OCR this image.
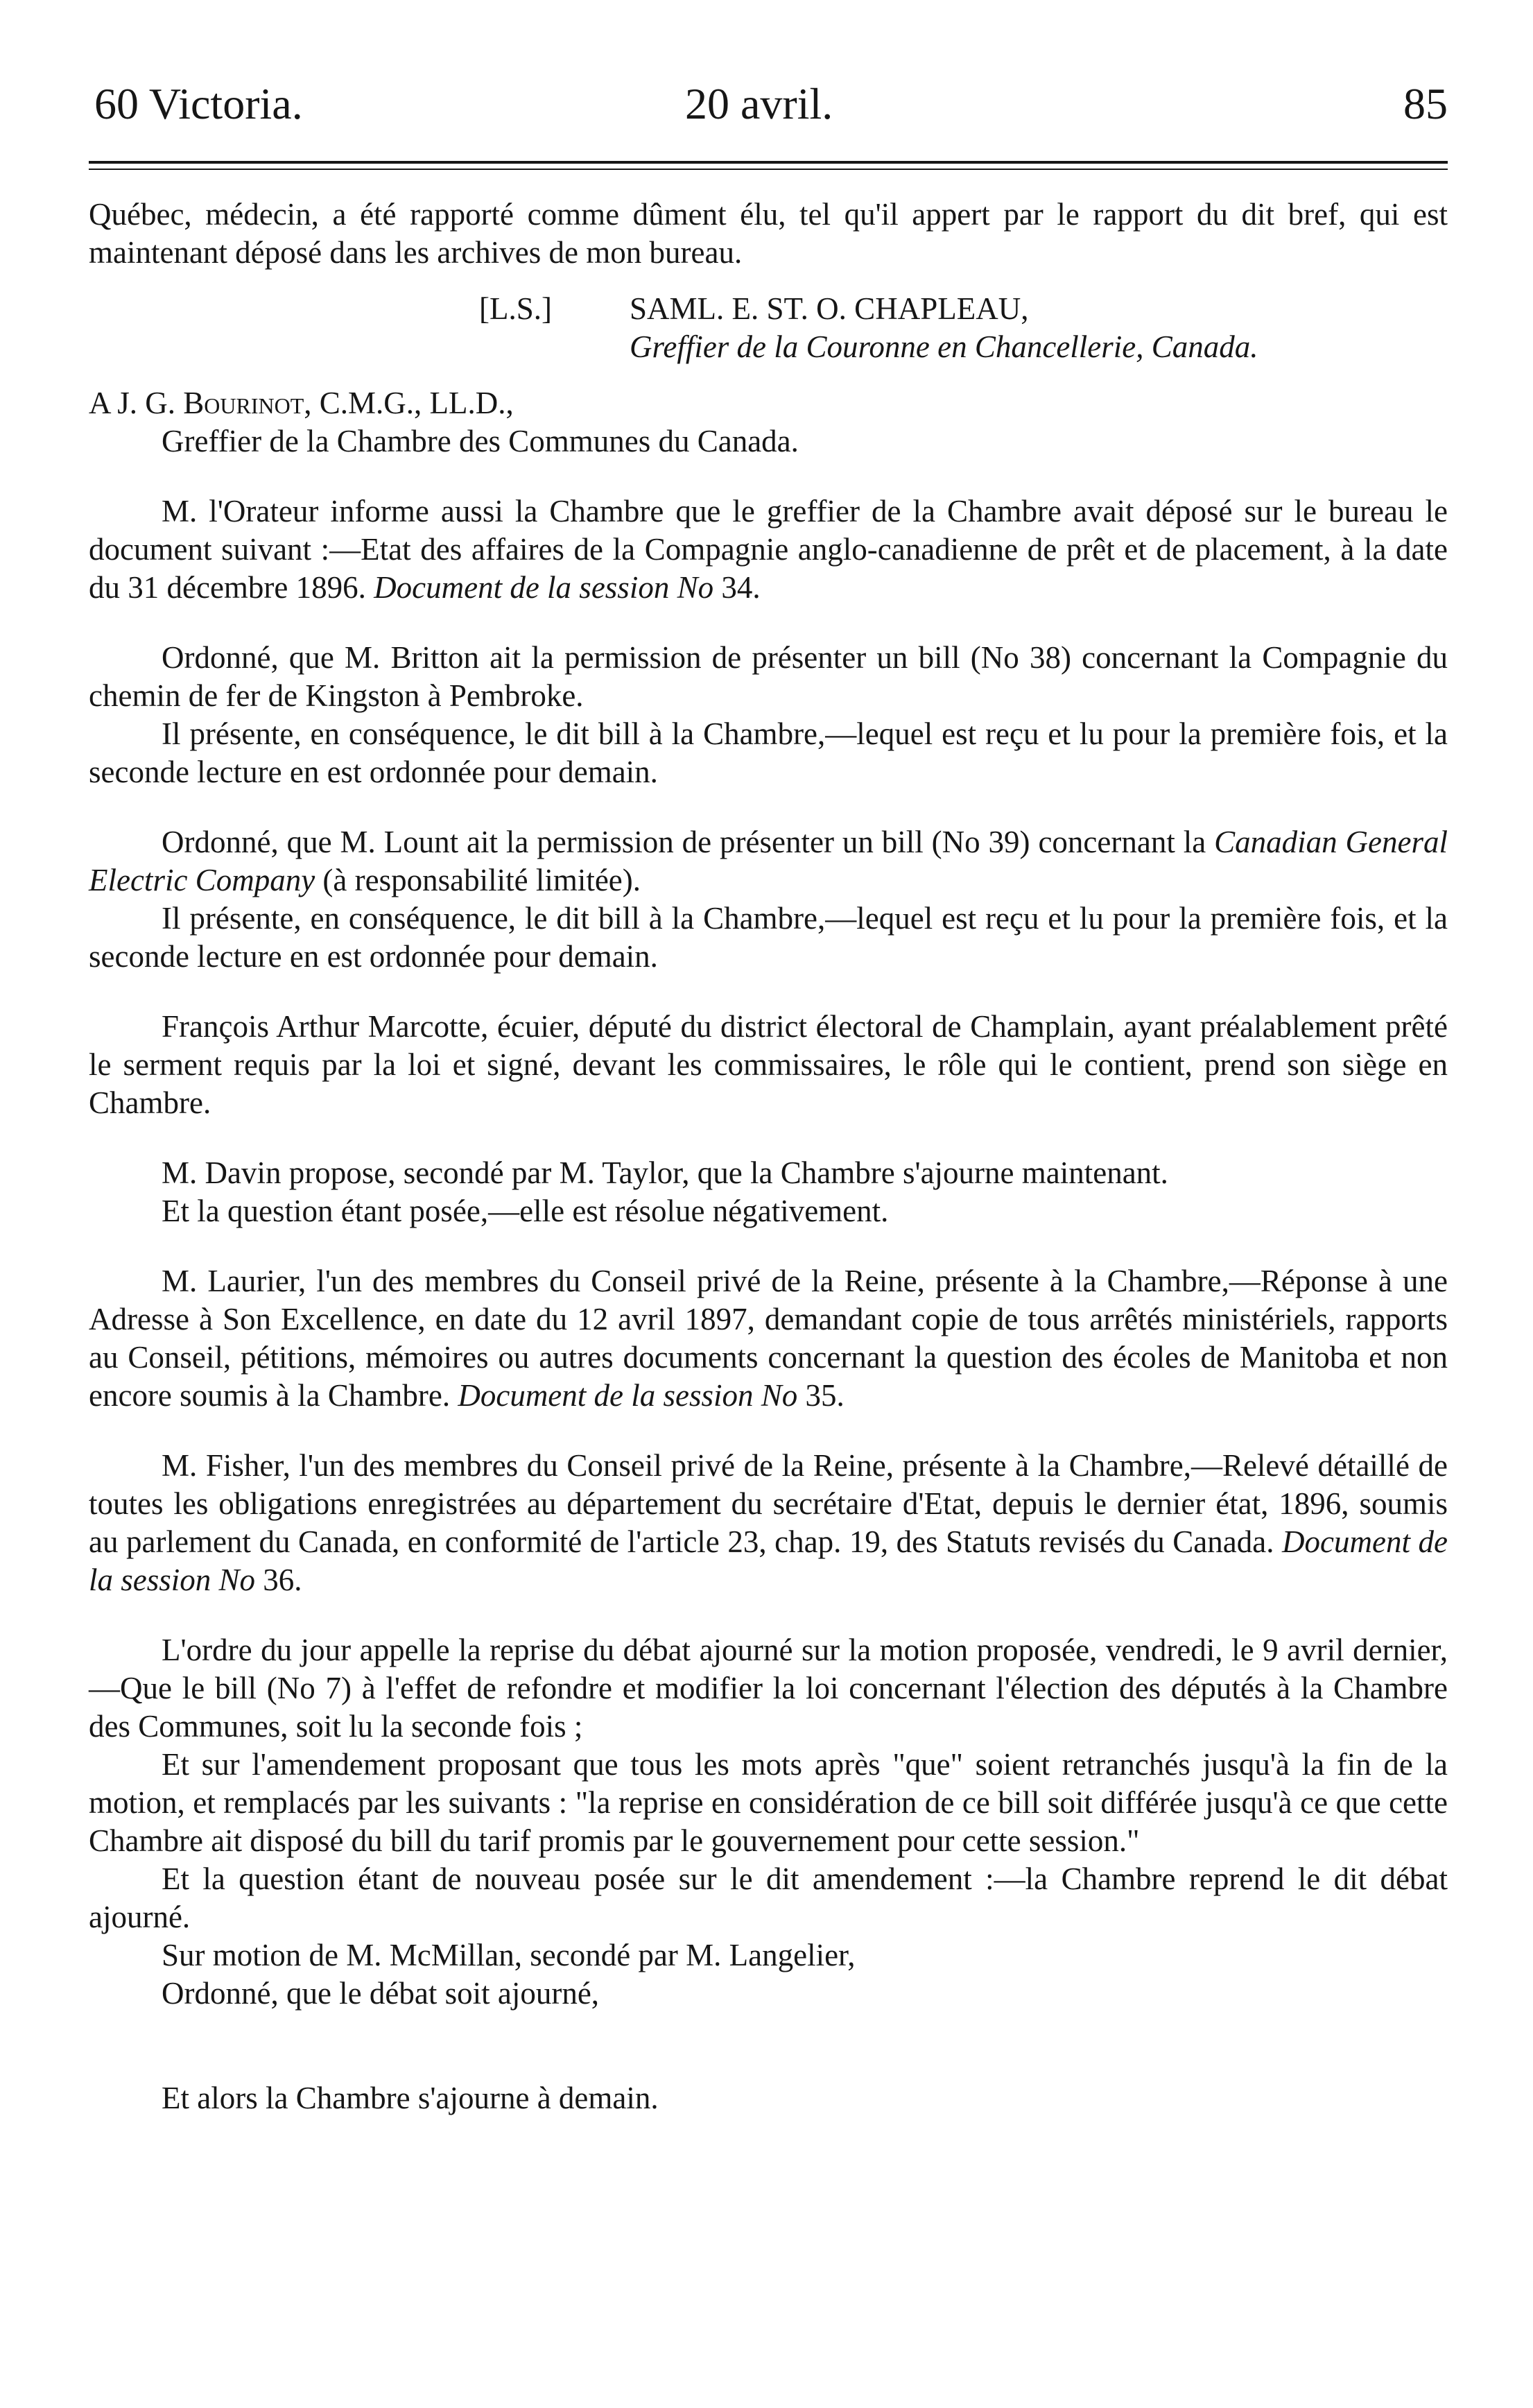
60 Victoria.	20 avril.	85

Québec, médecin, a été rapporté comme dûment élu, tel qu'il appert par le rapport du dit bref, qui est maintenant déposé dans les archives de mon bureau.

[L.S.] SAML. E. ST. O. CHAPLEAU,
Greffier de la Couronne en Chancellerie, Canada.
A J. G. Bourinot, C.M.G., LL.D.,
Greffier de la Chambre des Communes du Canada.

M. l'Orateur informe aussi la Chambre que le greffier de la Chambre avait déposé sur le bureau le document suivant :—Etat des affaires de la Compagnie anglo-canadienne de prêt et de placement, à la date du 31 décembre 1896. Document de la session No 34.

Ordonné, que M. Britton ait la permission de présenter un bill (No 38) concernant la Compagnie du chemin de fer de Kingston à Pembroke.

Il présente, en conséquence, le dit bill à la Chambre,—lequel est reçu et lu pour la première fois, et la seconde lecture en est ordonnée pour demain.

Ordonné, que M. Lount ait la permission de présenter un bill (No 39) concernant la Canadian General Electric Company (à responsabilité limitée).

Il présente, en conséquence, le dit bill à la Chambre,—lequel est reçu et lu pour la première fois, et la seconde lecture en est ordonnée pour demain.

François Arthur Marcotte, écuier, député du district électoral de Champlain, ayant préalablement prêté le serment requis par la loi et signé, devant les commissaires, le rôle qui le contient, prend son siège en Chambre.

M. Davin propose, secondé par M. Taylor, que la Chambre s'ajourne maintenant.

Et la question étant posée,—elle est résolue négativement.

M. Laurier, l'un des membres du Conseil privé de la Reine, présente à la Chambre,—Réponse à une Adresse à Son Excellence, en date du 12 avril 1897, demandant copie de tous arrêtés ministériels, rapports au Conseil, pétitions, mémoires ou autres documents concernant la question des écoles de Manitoba et non encore soumis à la Chambre. Document de la session No 35.

M. Fisher, l'un des membres du Conseil privé de la Reine, présente à la Chambre,—Relevé détaillé de toutes les obligations enregistrées au département du secrétaire d'Etat, depuis le dernier état, 1896, soumis au parlement du Canada, en conformité de l'article 23, chap. 19, des Statuts revisés du Canada. Document de la session No 36.

L'ordre du jour appelle la reprise du débat ajourné sur la motion proposée, vendredi, le 9 avril dernier,—Que le bill (No 7) à l'effet de refondre et modifier la loi concernant l'élection des députés à la Chambre des Communes, soit lu la seconde fois ;

Et sur l'amendement proposant que tous les mots après "que" soient retranchés jusqu'à la fin de la motion, et remplacés par les suivants : "la reprise en considération de ce bill soit différée jusqu'à ce que cette Chambre ait disposé du bill du tarif promis par le gouvernement pour cette session."

Et la question étant de nouveau posée sur le dit amendement :—la Chambre reprend le dit débat ajourné.

Sur motion de M. McMillan, secondé par M. Langelier,

Ordonné, que le débat soit ajourné,

Et alors la Chambre s'ajourne à demain.
